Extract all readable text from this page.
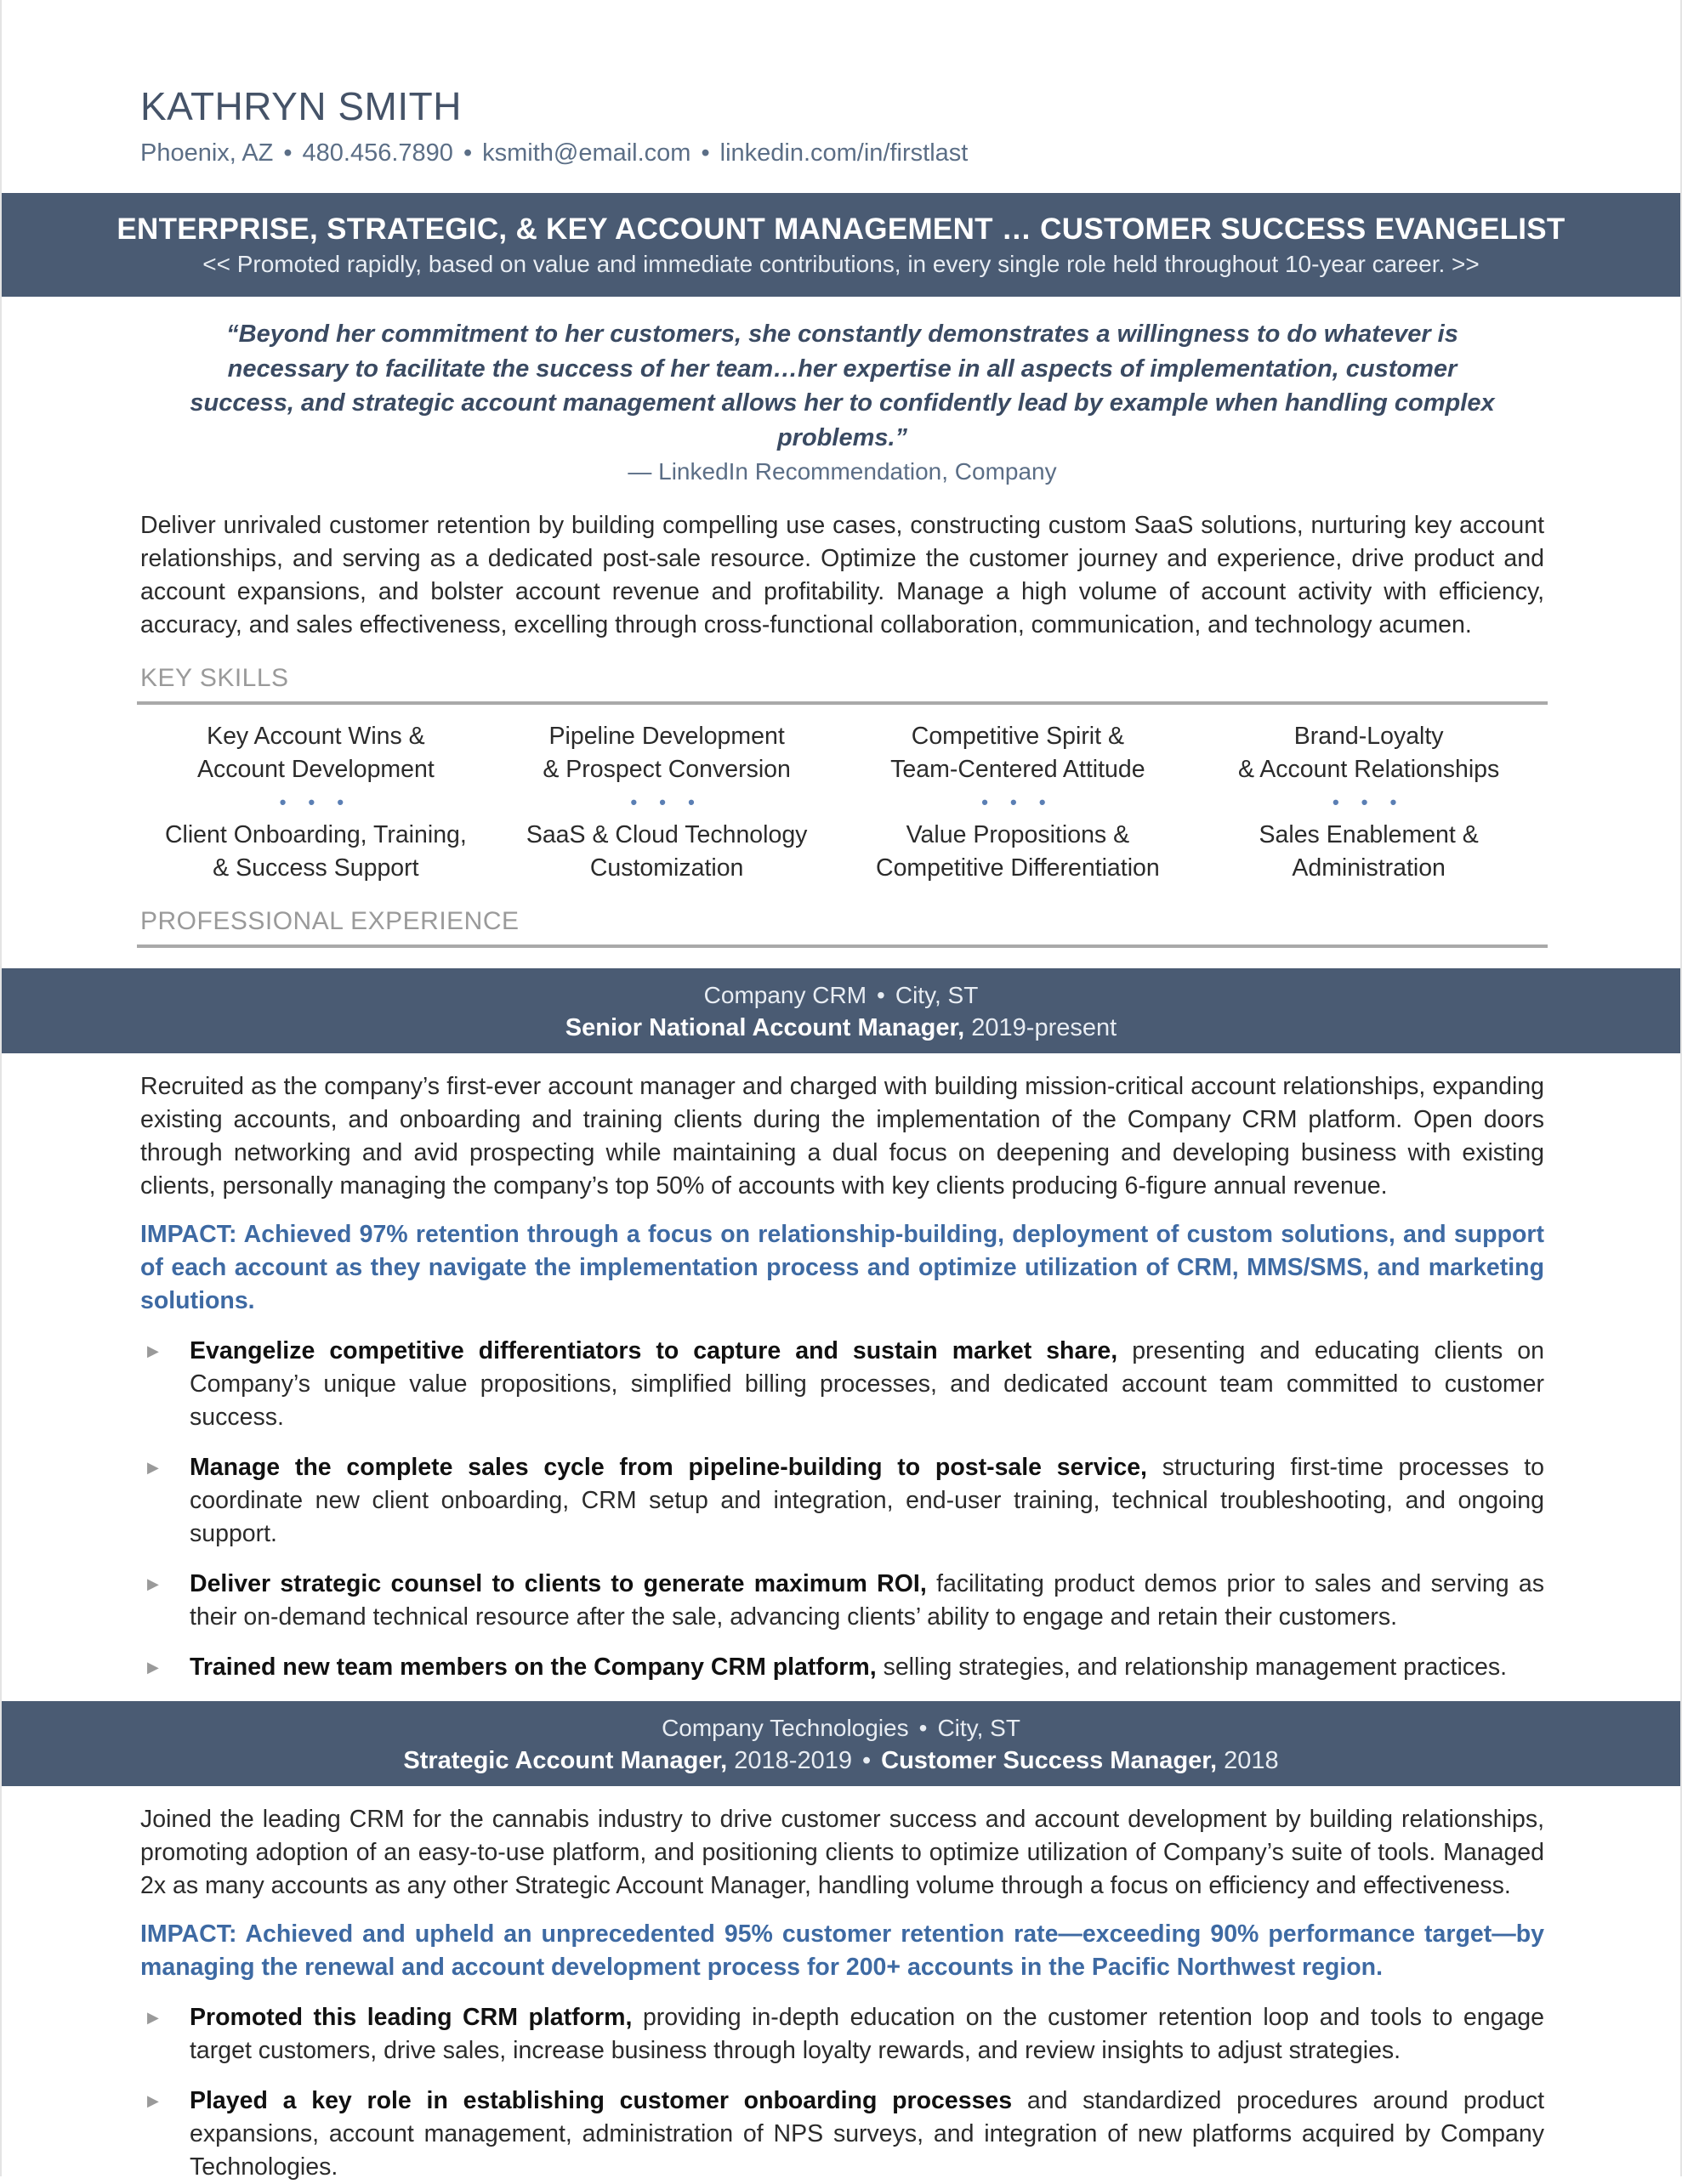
KATHRYN SMITH
Phoenix, AZ • 480.456.7890 • ksmith@email.com • linkedin.com/in/firstlast
ENTERPRISE, STRATEGIC, & KEY ACCOUNT MANAGEMENT … CUSTOMER SUCCESS EVANGELIST
<< Promoted rapidly, based on value and immediate contributions, in every single role held throughout 10-year career. >>
“Beyond her commitment to her customers, she constantly demonstrates a willingness to do whatever is necessary to facilitate the success of her team…her expertise in all aspects of implementation, customer success, and strategic account management allows her to confidently lead by example when handling complex problems.”
— LinkedIn Recommendation, Company
Deliver unrivaled customer retention by building compelling use cases, constructing custom SaaS solutions, nurturing key account relationships, and serving as a dedicated post-sale resource. Optimize the customer journey and experience, drive product and account expansions, and bolster account revenue and profitability. Manage a high volume of account activity with efficiency, accuracy, and sales effectiveness, excelling through cross-functional collaboration, communication, and technology acumen.
KEY SKILLS
Key Account Wins &
Account Development
• • •
Client Onboarding, Training,
& Success Support
Pipeline Development
& Prospect Conversion
• • •
SaaS & Cloud Technology
Customization
Competitive Spirit &
Team-Centered Attitude
• • •
Value Propositions &
Competitive Differentiation
Brand-Loyalty
& Account Relationships
• • •
Sales Enablement &
Administration
PROFESSIONAL EXPERIENCE
Company CRM • City, ST
Senior National Account Manager, 2019-present
Recruited as the company’s first-ever account manager and charged with building mission-critical account relationships, expanding existing accounts, and onboarding and training clients during the implementation of the Company CRM platform. Open doors through networking and avid prospecting while maintaining a dual focus on deepening and developing business with existing clients, personally managing the company’s top 50% of accounts with key clients producing 6-figure annual revenue.
IMPACT: Achieved 97% retention through a focus on relationship-building, deployment of custom solutions, and support of each account as they navigate the implementation process and optimize utilization of CRM, MMS/SMS, and marketing solutions.
▶ Evangelize competitive differentiators to capture and sustain market share, presenting and educating clients on Company’s unique value propositions, simplified billing processes, and dedicated account team committed to customer success.
▶ Manage the complete sales cycle from pipeline-building to post-sale service, structuring first-time processes to coordinate new client onboarding, CRM setup and integration, end-user training, technical troubleshooting, and ongoing support.
▶ Deliver strategic counsel to clients to generate maximum ROI, facilitating product demos prior to sales and serving as their on-demand technical resource after the sale, advancing clients’ ability to engage and retain their customers.
▶ Trained new team members on the Company CRM platform, selling strategies, and relationship management practices.
Company Technologies • City, ST
Strategic Account Manager, 2018-2019 • Customer Success Manager, 2018
Joined the leading CRM for the cannabis industry to drive customer success and account development by building relationships, promoting adoption of an easy-to-use platform, and positioning clients to optimize utilization of Company’s suite of tools. Managed 2x as many accounts as any other Strategic Account Manager, handling volume through a focus on efficiency and effectiveness.
IMPACT: Achieved and upheld an unprecedented 95% customer retention rate—exceeding 90% performance target—by managing the renewal and account development process for 200+ accounts in the Pacific Northwest region.
▶ Promoted this leading CRM platform, providing in-depth education on the customer retention loop and tools to engage target customers, drive sales, increase business through loyalty rewards, and review insights to adjust strategies.
▶ Played a key role in establishing customer onboarding processes and standardized procedures around product expansions, account management, administration of NPS surveys, and integration of new platforms acquired by Company Technologies.
